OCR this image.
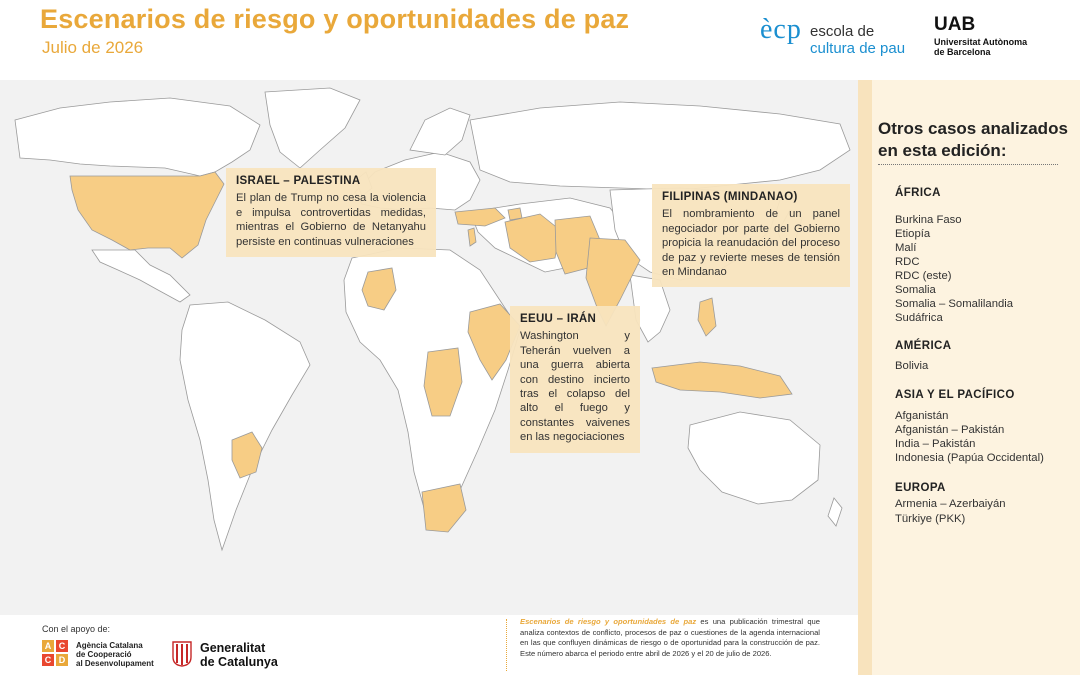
Escenarios de riesgo y oportunidades de paz
Julio de 2026
ècp escola de
cultura de pau
UAB
Universitat Autònoma
de Barcelona
ISRAEL – PALESTINA
El plan de Trump no cesa la violencia e impulsa controvertidas medidas, mientras el Gobierno de Netanyahu persiste en continuas vulneraciones
FILIPINAS (MINDANAO)
El nombramiento de un panel negociador por parte del Gobierno propicia la reanudación del proceso de paz y revierte meses de tensión en Mindanao
EEUU – IRÁN
Washington y Teherán vuelven a una guerra abierta con destino incierto tras el colapso del alto el fuego y constantes vaivenes en las negociaciones
Otros casos analizados
en esta edición:
ÁFRICA
Burkina Faso
Etiopía
Malí
RDC
RDC (este)
Somalia
Somalia – Somalilandia
Sudáfrica
AMÉRICA
Bolivia
ASIA Y EL PACÍFICO
Afganistán
Afganistán – Pakistán
India – Pakistán
Indonesia (Papúa Occidental)
EUROPA
Armenia – Azerbaiyán
Türkiye (PKK)
Con el apoyo de:
A C
C D
Agència Catalana
de Cooperació
al Desenvolupament
Generalitat
de Catalunya
Escenarios de riesgo y oportunidades de paz es una publicación trimestral que analiza contextos de conflicto, procesos de paz o cuestiones de la agenda internacional en las que confluyen dinámicas de riesgo o de oportunidad para la construcción de paz. Este número abarca el periodo entre abril de 2026 y el 20 de julio de 2026.
